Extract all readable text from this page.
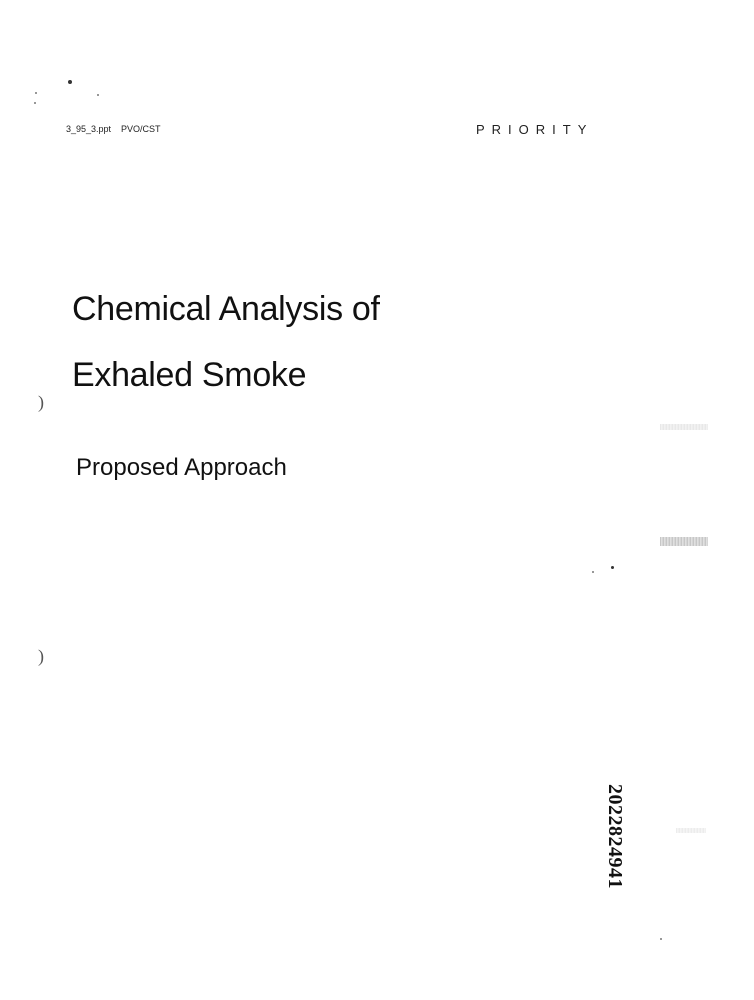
3_95_3.ppt PVO/CST	PRIORITY
Chemical Analysis of
Exhaled Smoke
Proposed Approach
2022824941
)
)
